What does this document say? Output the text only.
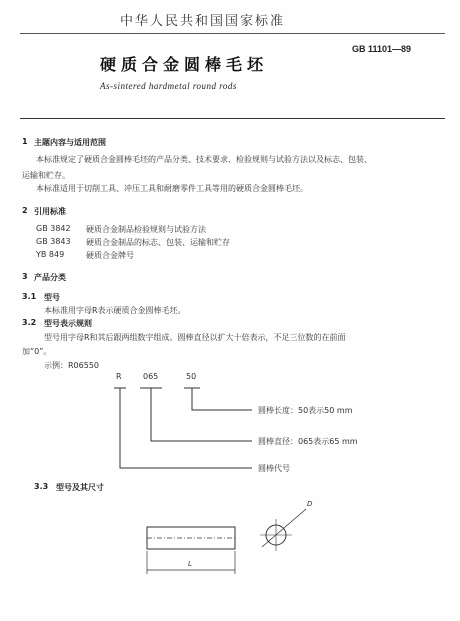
中华人民共和国国家标准
硬质合金圆棒毛坯
GB 11101—89
As-sintered hardmetal round rods
1 主题内容与适用范围
本标准规定了硬质合金圆棒毛坯的产品分类、技术要求、检验规则与试验方法以及标志、包装、
运输和贮存。
本标准适用于切削工具、冲压工具和耐磨零件工具等用的硬质合金圆棒毛坯。
2 引用标准
GB 3842 硬质合金制品检验规则与试验方法
GB 3843 硬质合金制品的标志、包装、运输和贮存
YB 849	硬质合金牌号
3 产品分类
3.1 型号
本标准用字母R表示硬质合金圆棒毛坯。
3.2 型号表示规则
型号用字母R和其后跟两组数字组成。圆棒直径以扩大十倍表示，不足三位数的在前面
加“0”。
示例：R06550
R	065	50
圆棒长度：50表示50 mm
圆棒直径：065表示65 mm
圆棒代号
3.3 型号及其尺寸
L
D
